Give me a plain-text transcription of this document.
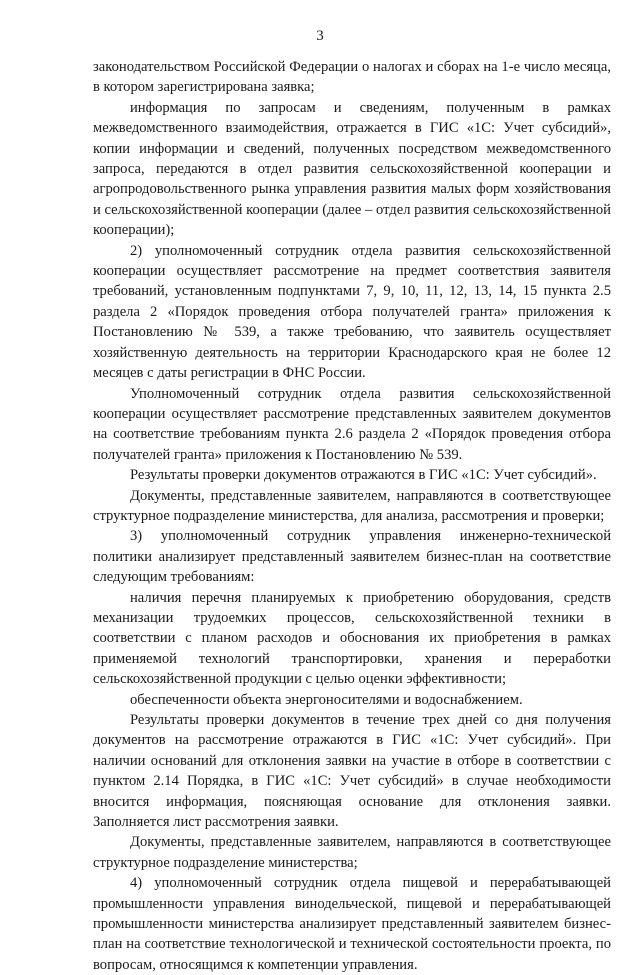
3

законодательством Российской Федерации о налогах и сборах на 1-е число месяца, в котором зарегистрирована заявка;

информация по запросам и сведениям, полученным в рамках межведомственного взаимодействия, отражается в ГИС «1С: Учет субсидий», копии информации и сведений, полученных посредством межведомственного запроса, передаются в отдел развития сельскохозяйственной кооперации и агропродовольственного рынка управления развития малых форм хозяйствования и сельскохозяйственной кооперации (далее – отдел развития сельскохозяйственной кооперации);

2) уполномоченный сотрудник отдела развития сельскохозяйственной кооперации осуществляет рассмотрение на предмет соответствия заявителя требований, установленным подпунктами 7, 9, 10, 11, 12, 13, 14, 15 пункта 2.5 раздела 2 «Порядок проведения отбора получателей гранта» приложения к Постановлению № 539, а также требованию, что заявитель осуществляет хозяйственную деятельность на территории Краснодарского края не более 12 месяцев с даты регистрации в ФНС России.

Уполномоченный сотрудник отдела развития сельскохозяйственной кооперации осуществляет рассмотрение представленных заявителем документов на соответствие требованиям пункта 2.6 раздела 2 «Порядок проведения отбора получателей гранта» приложения к Постановлению № 539.

Результаты проверки документов отражаются в ГИС «1С: Учет субсидий».

Документы, представленные заявителем, направляются в соответствующее структурное подразделение министерства, для анализа, рассмотрения и проверки;

3) уполномоченный сотрудник управления инженерно-технической политики анализирует представленный заявителем бизнес-план на соответствие следующим требованиям:

наличия перечня планируемых к приобретению оборудования, средств механизации трудоемких процессов, сельскохозяйственной техники в соответствии с планом расходов и обоснования их приобретения в рамках применяемой технологий транспортировки, хранения и переработки сельскохозяйственной продукции с целью оценки эффективности;

обеспеченности объекта энергоносителями и водоснабжением.

Результаты проверки документов в течение трех дней со дня получения документов на рассмотрение отражаются в ГИС «1С: Учет субсидий». При наличии оснований для отклонения заявки на участие в отборе в соответствии с пунктом 2.14 Порядка, в ГИС «1С: Учет субсидий» в случае необходимости вносится информация, поясняющая основание для отклонения заявки. Заполняется лист рассмотрения заявки.

Документы, представленные заявителем, направляются в соответствующее структурное подразделение министерства;

4) уполномоченный сотрудник отдела пищевой и перерабатывающей промышленности управления винодельческой, пищевой и перерабатывающей промышленности министерства анализирует представленный заявителем бизнес-план на соответствие технологической и технической состоятельности проекта, по вопросам, относящимся к компетенции управления.
